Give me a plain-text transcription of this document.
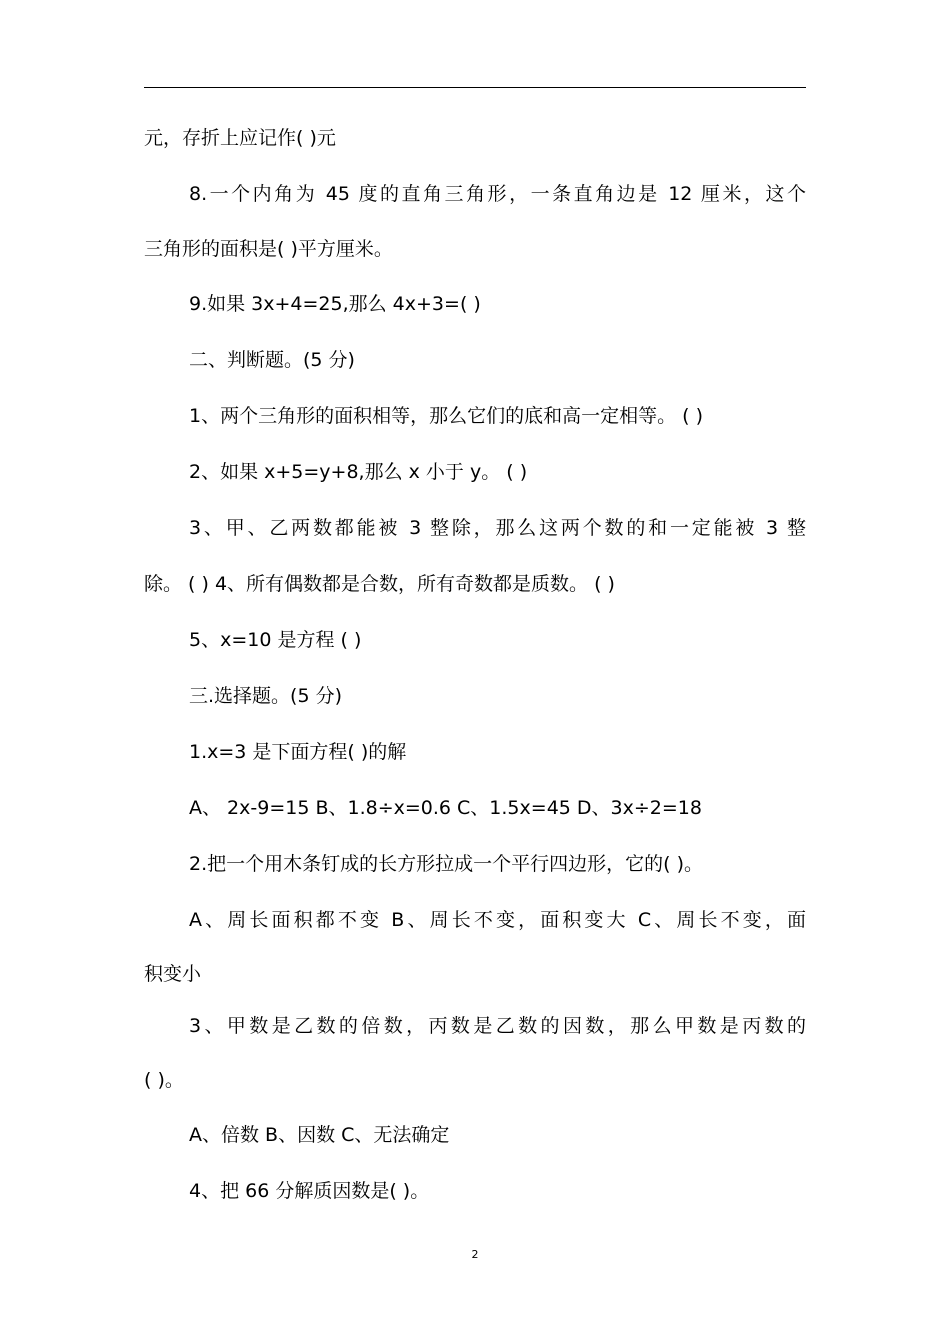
元，存折上应记作( )元
8.一个内角为 45 度的直角三角形，一条直角边是 12 厘米，这个
三角形的面积是( )平方厘米。
9.如果 3x+4=25,那么 4x+3=( )
二、判断题。(5 分)
1、两个三角形的面积相等，那么它们的底和高一定相等。 ( )
2、如果 x+5=y+8,那么 x 小于 y。 ( )
3、甲、乙两数都能被 3 整除，那么这两个数的和一定能被 3 整
除。 ( ) 4、所有偶数都是合数，所有奇数都是质数。 ( )
5、x=10 是方程 ( )
三.选择题。(5 分)
1.x=3 是下面方程( )的解
A、 2x-9=15 B、1.8÷x=0.6 C、1.5x=45 D、3x÷2=18
2.把一个用木条钉成的长方形拉成一个平行四边形，它的( )。
A、周长面积都不变 B、周长不变，面积变大 C、周长不变，面
积变小
3、甲数是乙数的倍数，丙数是乙数的因数，那么甲数是丙数的
( )。
A、倍数 B、因数 C、无法确定
4、把 66 分解质因数是( )。
2
